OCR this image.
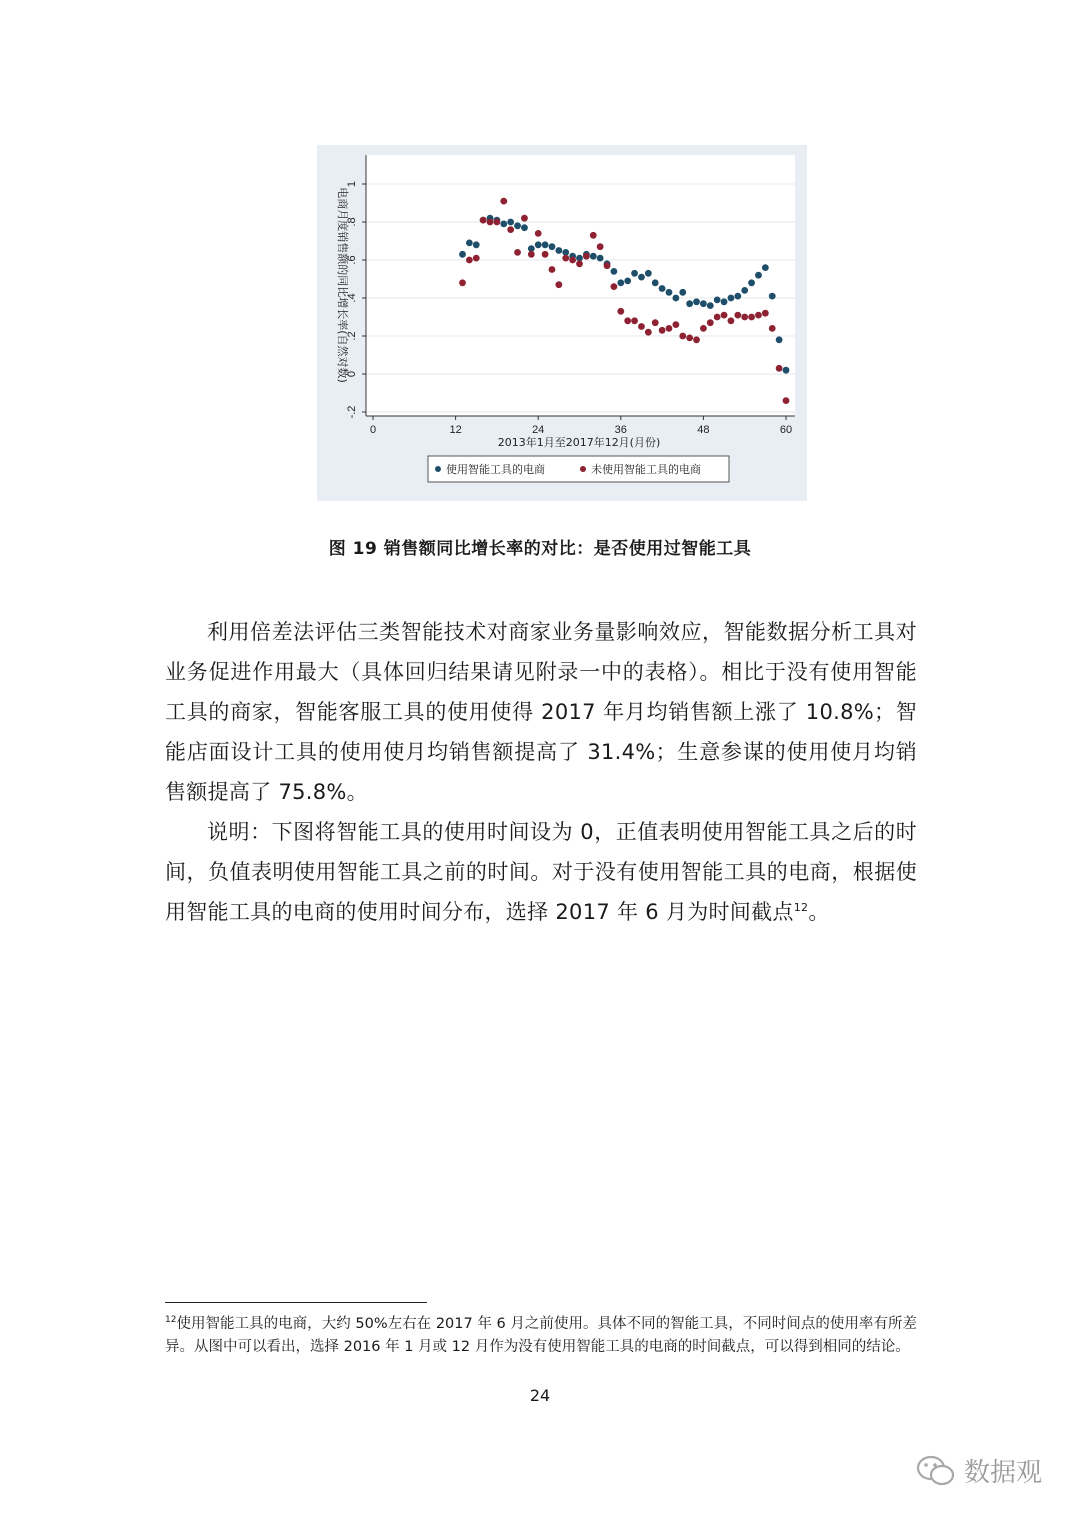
-.2
0
.2
.4
.6
.8
1
0	12	24	36	48	60
2013年1月至2017年12月(月份)
电商月度销售额的同比增长率(自然对数)
使用智能工具的电商	未使用智能工具的电商
图 19 销售额同比增长率的对比：是否使用过智能工具

利用倍差法评估三类智能技术对商家业务量影响效应，智能数据分析工具对业务促进作用最大（具体回归结果请见附录一中的表格）。相比于没有使用智能工具的商家，智能客服工具的使用使得 2017 年月均销售额上涨了 10.8%；智能店面设计工具的使用使月均销售额提高了 31.4%；生意参谋的使用使月均销售额提高了 75.8%。

说明：下图将智能工具的使用时间设为 0，正值表明使用智能工具之后的时间，负值表明使用智能工具之前的时间。对于没有使用智能工具的电商，根据使用智能工具的电商的使用时间分布，选择 2017 年 6 月为时间截点$^{12}$。

$^{12}$使用智能工具的电商，大约 50%左右在 2017 年 6 月之前使用。具体不同的智能工具，不同时间点的使用率有所差异。从图中可以看出，选择 2016 年 1 月或 12 月作为没有使用智能工具的电商的时间截点，可以得到相同的结论。
24
数据观
